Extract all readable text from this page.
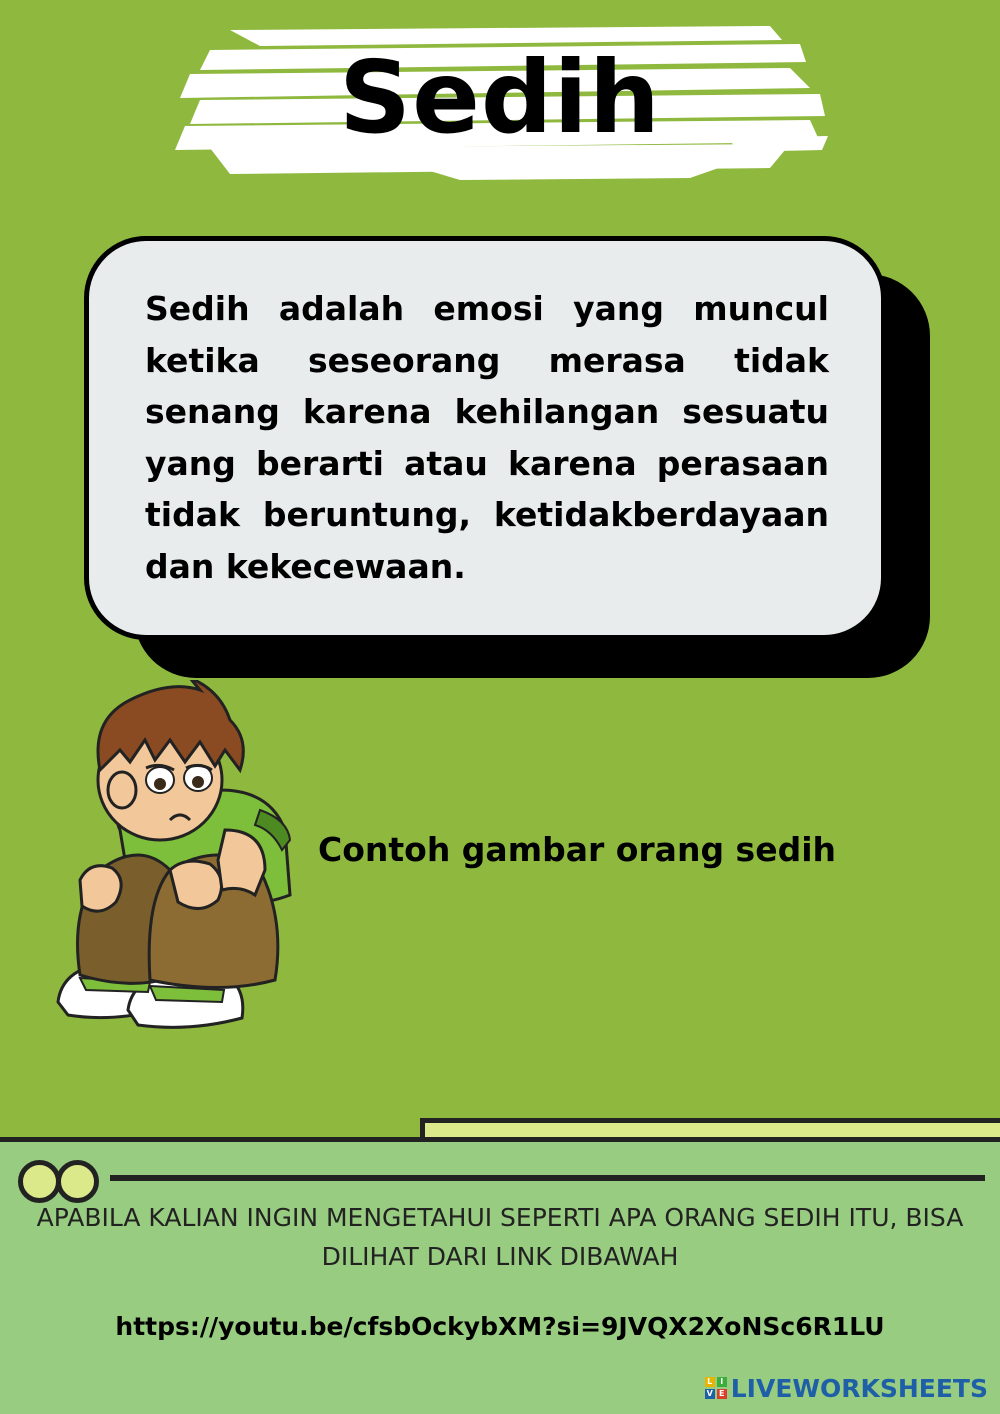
Sedih

Sedih adalah emosi yang muncul ketika seseorang merasa tidak senang karena kehilangan sesuatu yang berarti atau karena perasaan tidak beruntung, ketidakberdayaan dan kekecewaan.

Contoh gambar orang sedih

APABILA KALIAN INGIN MENGETAHUI SEPERTI APA ORANG SEDIH ITU, BISA DILIHAT DARI LINK DIBAWAH

https://youtu.be/cfsbOckybXM?si=9JVQX2XoNSc6R1LU
L I
V E LIVEWORKSHEETS
